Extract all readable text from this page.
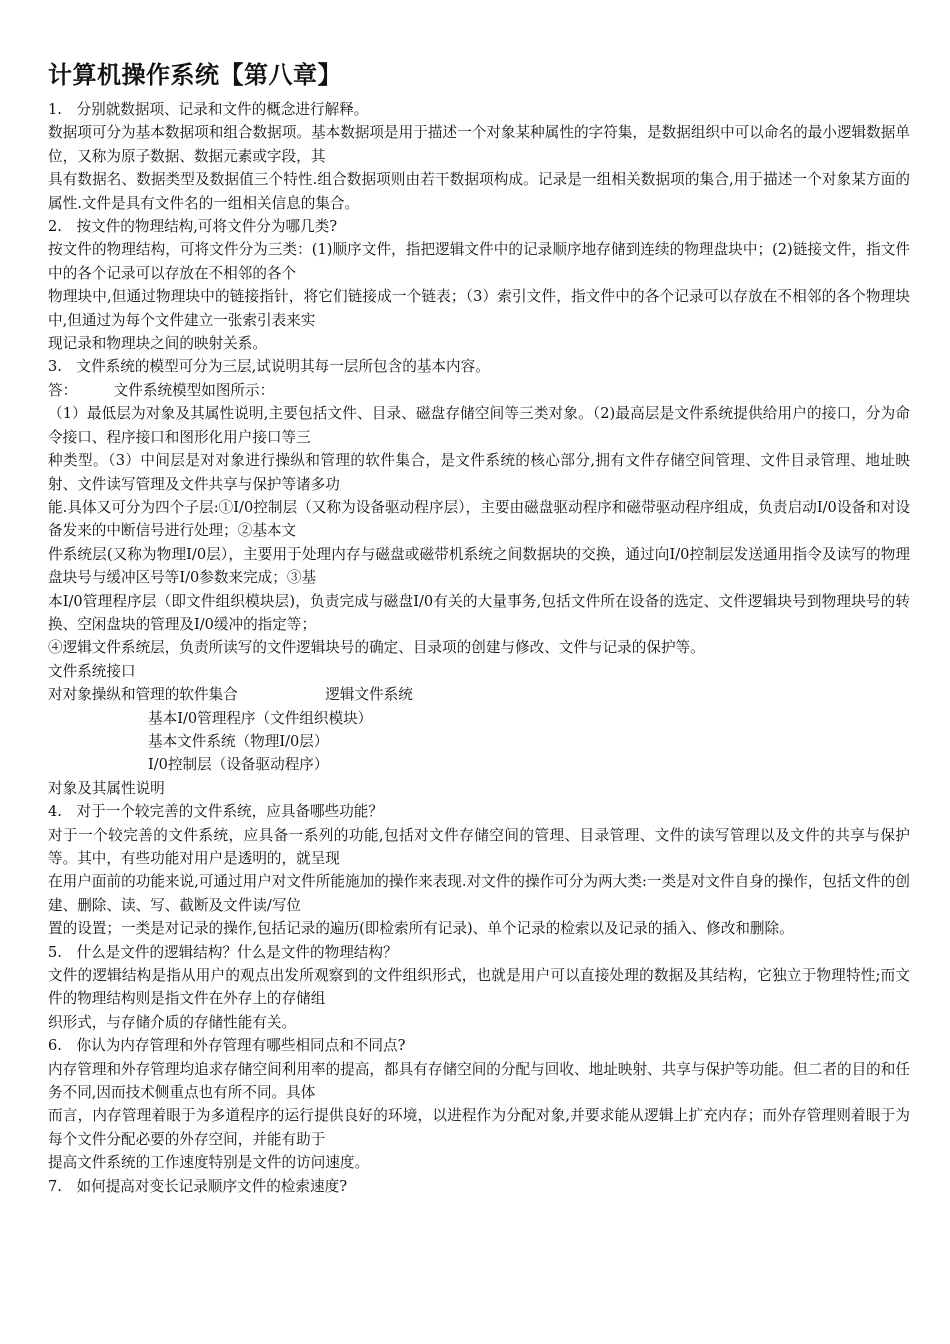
计算机操作系统【第八章】
1.　分别就数据项、记录和文件的概念进行解释。
数据项可分为基本数据项和组合数据项。基本数据项是用于描述一个对象某种属性的字符集，是数据组织中可以命名的最小逻辑数据单位，又称为原子数据、数据元素或字段，其
具有数据名、数据类型及数据值三个特性.组合数据项则由若干数据项构成。记录是一组相关数据项的集合,用于描述一个对象某方面的属性.文件是具有文件名的一组相关信息的集合。
2.　按文件的物理结构,可将文件分为哪几类?
按文件的物理结构，可将文件分为三类：(1)顺序文件，指把逻辑文件中的记录顺序地存储到连续的物理盘块中；(2)链接文件，指文件中的各个记录可以存放在不相邻的各个
物理块中,但通过物理块中的链接指针，将它们链接成一个链表；（3）索引文件，指文件中的各个记录可以存放在不相邻的各个物理块中,但通过为每个文件建立一张索引表来实
现记录和物理块之间的映射关系。
3.　文件系统的模型可分为三层,试说明其每一层所包含的基本内容。
答：　　　文件系统模型如图所示：
（1）最低层为对象及其属性说明,主要包括文件、目录、磁盘存储空间等三类对象。（2)最高层是文件系统提供给用户的接口，分为命令接口、程序接口和图形化用户接口等三
种类型。（3）中间层是对对象进行操纵和管理的软件集合，是文件系统的核心部分,拥有文件存储空间管理、文件目录管理、地址映射、文件读写管理及文件共享与保护等诸多功
能.具体又可分为四个子层:①I/0控制层（又称为设备驱动程序层），主要由磁盘驱动程序和磁带驱动程序组成，负责启动I/0设备和对设备发来的中断信号进行处理；②基本文
件系统层(又称为物理I/0层），主要用于处理内存与磁盘或磁带机系统之间数据块的交换，通过向I/0控制层发送通用指令及读写的物理盘块号与缓冲区号等I/0参数来完成；③基
本I/0管理程序层（即文件组织模块层)，负责完成与磁盘I/0有关的大量事务,包括文件所在设备的选定、文件逻辑块号到物理块号的转换、空闲盘块的管理及I/0缓冲的指定等；
④逻辑文件系统层，负责所读写的文件逻辑块号的确定、目录项的创建与修改、文件与记录的保护等。
文件系统接口
对对象操纵和管理的软件集合　　　　　　逻辑文件系统
基本I/0管理程序（文件组织模块）
基本文件系统（物理I/0层）
I/0控制层（设备驱动程序）
对象及其属性说明
4.　对于一个较完善的文件系统，应具备哪些功能？
对于一个较完善的文件系统，应具备一系列的功能,包括对文件存储空间的管理、目录管理、文件的读写管理以及文件的共享与保护等。其中，有些功能对用户是透明的，就呈现
在用户面前的功能来说,可通过用户对文件所能施加的操作来表现.对文件的操作可分为两大类:一类是对文件自身的操作，包括文件的创建、删除、读、写、截断及文件读/写位
置的设置；一类是对记录的操作,包括记录的遍历(即检索所有记录)、单个记录的检索以及记录的插入、修改和删除。
5.　什么是文件的逻辑结构？什么是文件的物理结构？
文件的逻辑结构是指从用户的观点出发所观察到的文件组织形式，也就是用户可以直接处理的数据及其结构，它独立于物理特性;而文件的物理结构则是指文件在外存上的存储组
织形式，与存储介质的存储性能有关。
6.　你认为内存管理和外存管理有哪些相同点和不同点?
内存管理和外存管理均追求存储空间利用率的提高，都具有存储空间的分配与回收、地址映射、共享与保护等功能。但二者的目的和任务不同,因而技术侧重点也有所不同。具体
而言，内存管理着眼于为多道程序的运行提供良好的环境，以进程作为分配对象,并要求能从逻辑上扩充内存；而外存管理则着眼于为每个文件分配必要的外存空间，并能有助于
提高文件系统的工作速度特别是文件的访问速度。
7.　如何提高对变长记录顺序文件的检索速度?
